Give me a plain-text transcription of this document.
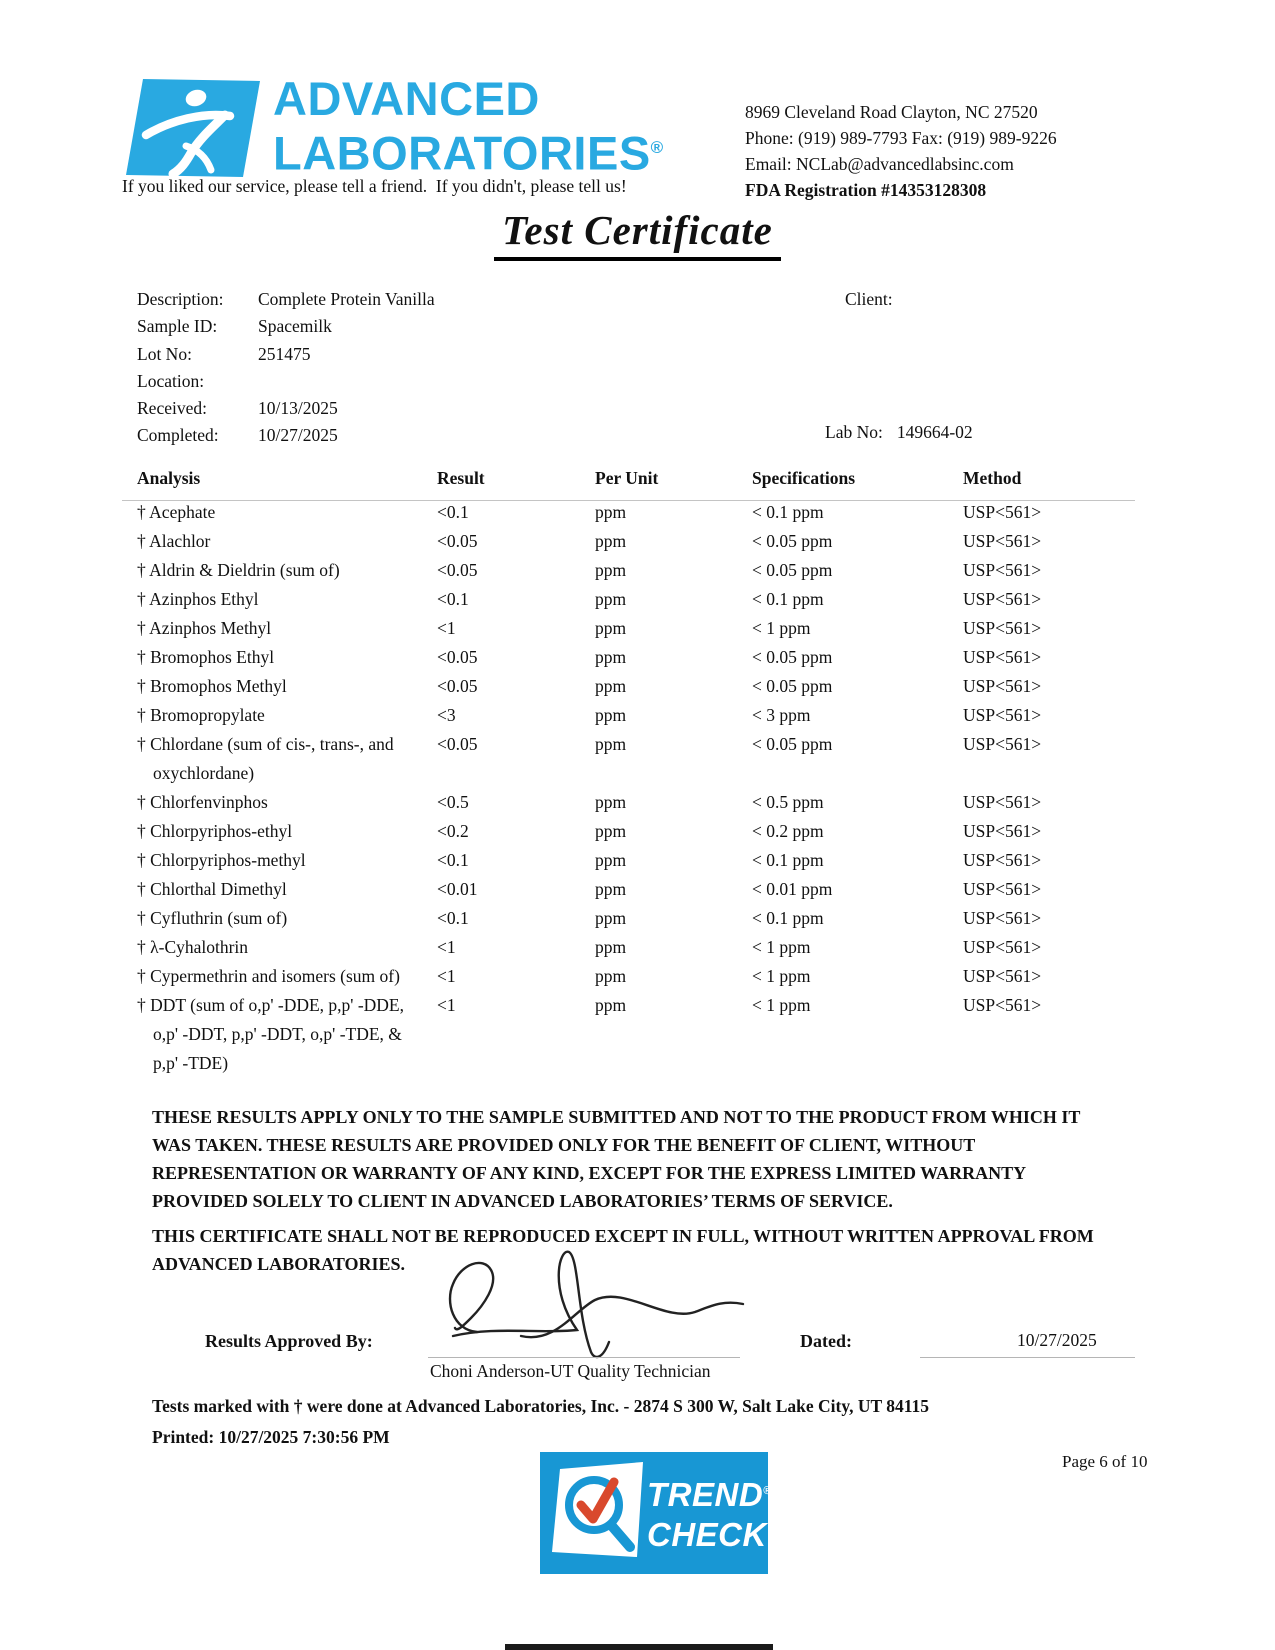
ADVANCED
LABORATORIES®
If you liked our service, please tell a friend.  If you didn't, please tell us!
8969 Cleveland Road Clayton, NC 27520
Phone: (919) 989-7793 Fax: (919) 989-9226
Email: NCLab@advancedlabsinc.com
FDA Registration #14353128308
Test Certificate
Description:	Complete Protein Vanilla
Sample ID:	Spacemilk
Lot No:	251475
Location:
Received:	10/13/2025
Completed:	10/27/2025
Client:
Lab No: 149664-02
Analysis	Result	Per Unit	Specifications	Method
† Acephate	<0.1	ppm	< 0.1 ppm	USP<561>
† Alachlor	<0.05	ppm	< 0.05 ppm	USP<561>
† Aldrin & Dieldrin (sum of)	<0.05	ppm	< 0.05 ppm	USP<561>
† Azinphos Ethyl	<0.1	ppm	< 0.1 ppm	USP<561>
† Azinphos Methyl	<1	ppm	< 1 ppm	USP<561>
† Bromophos Ethyl	<0.05	ppm	< 0.05 ppm	USP<561>
† Bromophos Methyl	<0.05	ppm	< 0.05 ppm	USP<561>
† Bromopropylate	<3	ppm	< 3 ppm	USP<561>
† Chlordane (sum of cis-, trans-, and oxychlordane)
<0.05	ppm	< 0.05 ppm	USP<561>
† Chlorfenvinphos	<0.5	ppm	< 0.5 ppm	USP<561>
† Chlorpyriphos-ethyl	<0.2	ppm	< 0.2 ppm	USP<561>
† Chlorpyriphos-methyl	<0.1	ppm	< 0.1 ppm	USP<561>
† Chlorthal Dimethyl	<0.01	ppm	< 0.01 ppm	USP<561>
† Cyfluthrin (sum of)	<0.1	ppm	< 0.1 ppm	USP<561>
† λ-Cyhalothrin	<1	ppm	< 1 ppm	USP<561>
† Cypermethrin and isomers (sum of)	<1	ppm	< 1 ppm	USP<561>
† DDT (sum of o,p' -DDE, p,p' -DDE, o,p' -DDT, p,p' -DDT, o,p' -TDE, & p,p' -TDE)
<1	ppm	< 1 ppm	USP<561>
THESE RESULTS APPLY ONLY TO THE SAMPLE SUBMITTED AND NOT TO THE PRODUCT FROM WHICH IT WAS TAKEN. THESE RESULTS ARE PROVIDED ONLY FOR THE BENEFIT OF CLIENT, WITHOUT REPRESENTATION OR WARRANTY OF ANY KIND, EXCEPT FOR THE EXPRESS LIMITED WARRANTY PROVIDED SOLELY TO CLIENT IN ADVANCED LABORATORIES’ TERMS OF SERVICE.
THIS CERTIFICATE SHALL NOT BE REPRODUCED EXCEPT IN FULL, WITHOUT WRITTEN APPROVAL FROM ADVANCED LABORATORIES.
Results Approved By:
Choni Anderson-UT Quality Technician
Dated:	10/27/2025
Tests marked with † were done at Advanced Laboratories, Inc. - 2874 S 300 W, Salt Lake City, UT 84115
Printed: 10/27/2025 7:30:56 PM
Page 6 of 10
TREND®
CHECK
